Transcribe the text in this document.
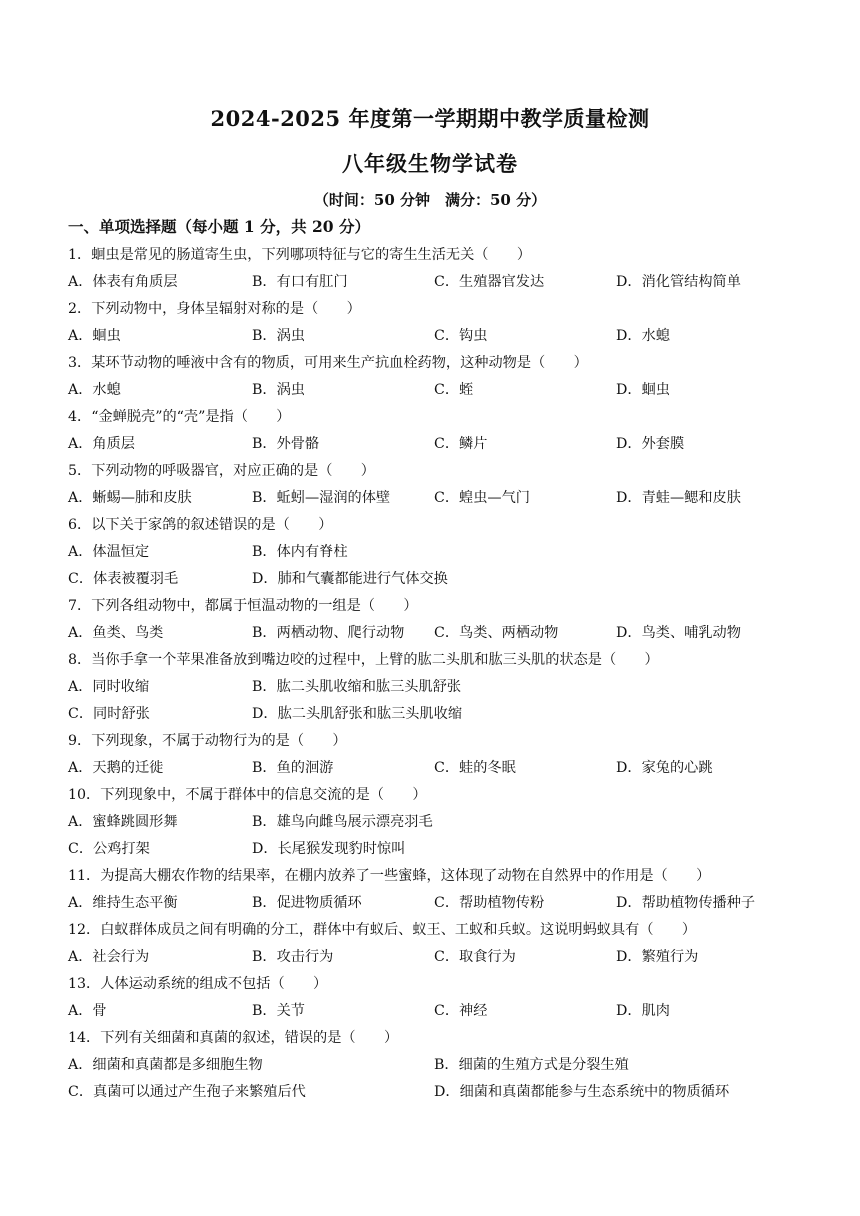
2024-2025 年度第一学期期中教学质量检测
八年级生物学试卷
（时间：50 分钟　满分：50 分）
一、单项选择题（每小题 1 分，共 20 分）
1．蛔虫是常见的肠道寄生虫，下列哪项特征与它的寄生生活无关（　　）
A．体表有角质层	B．有口有肛门	C．生殖器官发达	D．消化管结构简单
2．下列动物中，身体呈辐射对称的是（　　）
A．蛔虫	B．涡虫	C．钩虫	D．水螅
3．某环节动物的唾液中含有的物质，可用来生产抗血栓药物，这种动物是（　　）
A．水螅	B．涡虫	C．蛭	D．蛔虫
4．“金蝉脱壳”的“壳”是指（　　）
A．角质层	B．外骨骼	C．鳞片	D．外套膜
5．下列动物的呼吸器官，对应正确的是（　　）
A．蜥蜴—肺和皮肤	B．蚯蚓—湿润的体壁	C．蝗虫—气门	D．青蛙—鳃和皮肤
6．以下关于家鸽的叙述错误的是（　　）
A．体温恒定	B．体内有脊柱
C．体表被覆羽毛	D．肺和气囊都能进行气体交换
7．下列各组动物中，都属于恒温动物的一组是（　　）
A．鱼类、鸟类	B．两栖动物、爬行动物 C．鸟类、两栖动物	D．鸟类、哺乳动物
8．当你手拿一个苹果准备放到嘴边咬的过程中，上臂的肱二头肌和肱三头肌的状态是（　　）
A．同时收缩	B．肱二头肌收缩和肱三头肌舒张
C．同时舒张	D．肱二头肌舒张和肱三头肌收缩
9．下列现象，不属于动物行为的是（　　）
A．天鹅的迁徙	B．鱼的洄游	C．蛙的冬眠	D．家兔的心跳
10．下列现象中，不属于群体中的信息交流的是（　　）
A．蜜蜂跳圆形舞	B．雄鸟向雌鸟展示漂亮羽毛
C．公鸡打架	D．长尾猴发现豹时惊叫
11．为提高大棚农作物的结果率，在棚内放养了一些蜜蜂，这体现了动物在自然界中的作用是（　　）
A．维持生态平衡	B．促进物质循环	C．帮助植物传粉	D．帮助植物传播种子
12．白蚁群体成员之间有明确的分工，群体中有蚁后、蚁王、工蚁和兵蚁。这说明蚂蚁具有（　　）
A．社会行为	B．攻击行为	C．取食行为	D．繁殖行为
13．人体运动系统的组成不包括（　　）
A．骨	B．关节	C．神经	D．肌肉
14．下列有关细菌和真菌的叙述，错误的是（　　）
A．细菌和真菌都是多细胞生物	B．细菌的生殖方式是分裂生殖
C．真菌可以通过产生孢子来繁殖后代	D．细菌和真菌都能参与生态系统中的物质循环
